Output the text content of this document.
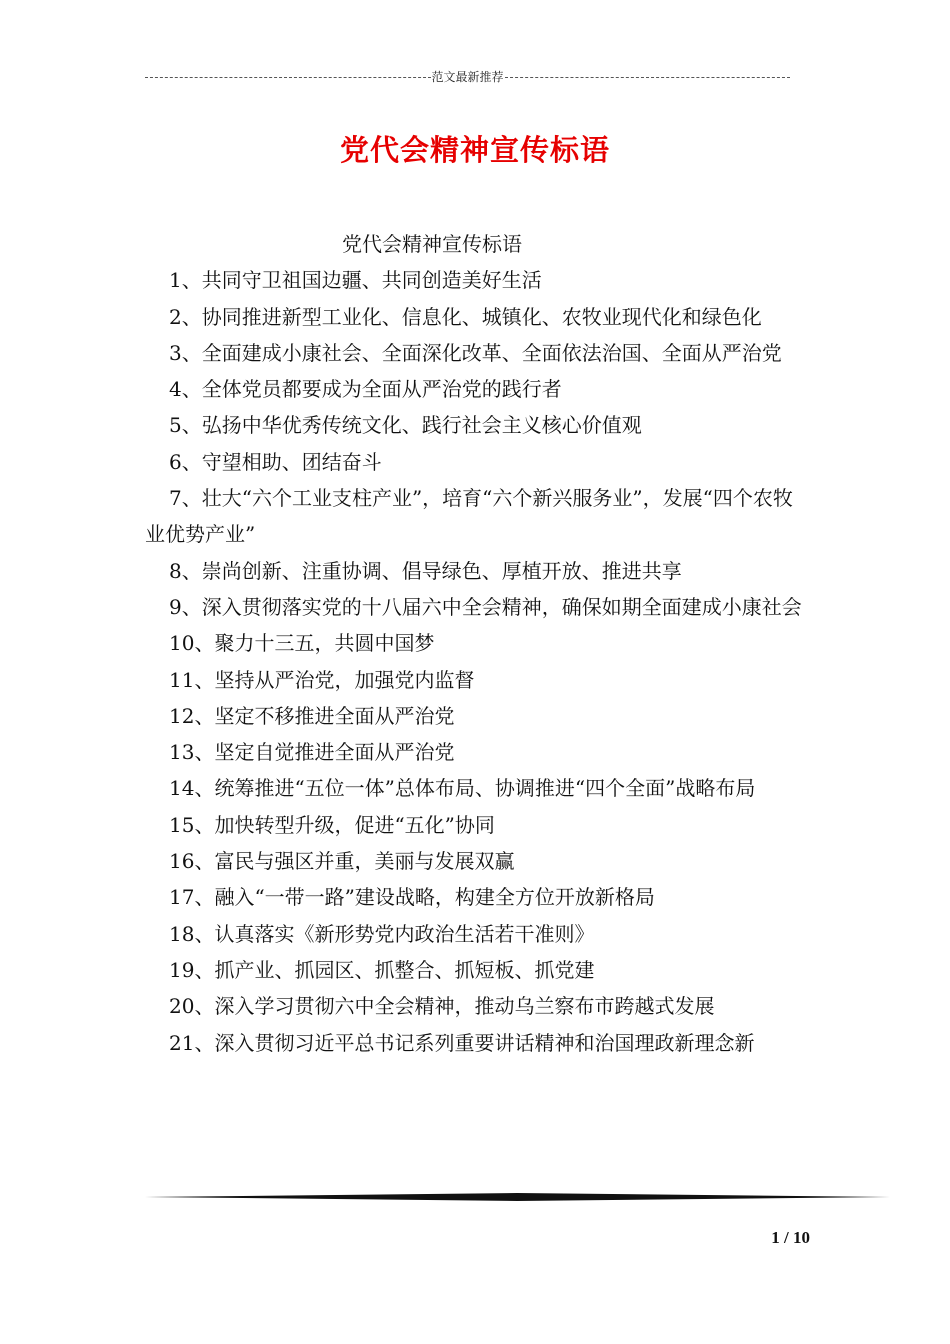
范文最新推荐
党代会精神宣传标语

党代会精神宣传标语

1、共同守卫祖国边疆、共同创造美好生活

2、协同推进新型工业化、信息化、城镇化、农牧业现代化和绿色化

3、全面建成小康社会、全面深化改革、全面依法治国、全面从严治党

4、全体党员都要成为全面从严治党的践行者

5、弘扬中华优秀传统文化、践行社会主义核心价值观

6、守望相助、团结奋斗

7、壮大“六个工业支柱产业”，培育“六个新兴服务业”，发展“四个农牧业优势产业”

8、崇尚创新、注重协调、倡导绿色、厚植开放、推进共享

9、深入贯彻落实党的十八届六中全会精神，确保如期全面建成小康社会

10、聚力十三五，共圆中国梦

11、坚持从严治党，加强党内监督

12、坚定不移推进全面从严治党

13、坚定自觉推进全面从严治党

14、统筹推进“五位一体”总体布局、协调推进“四个全面”战略布局

15、加快转型升级，促进“五化”协同

16、富民与强区并重，美丽与发展双赢

17、融入“一带一路”建设战略，构建全方位开放新格局

18、认真落实《新形势党内政治生活若干准则》

19、抓产业、抓园区、抓整合、抓短板、抓党建

20、深入学习贯彻六中全会精神，推动乌兰察布市跨越式发展

21、深入贯彻习近平总书记系列重要讲话精神和治国理政新理念新

1 / 10
